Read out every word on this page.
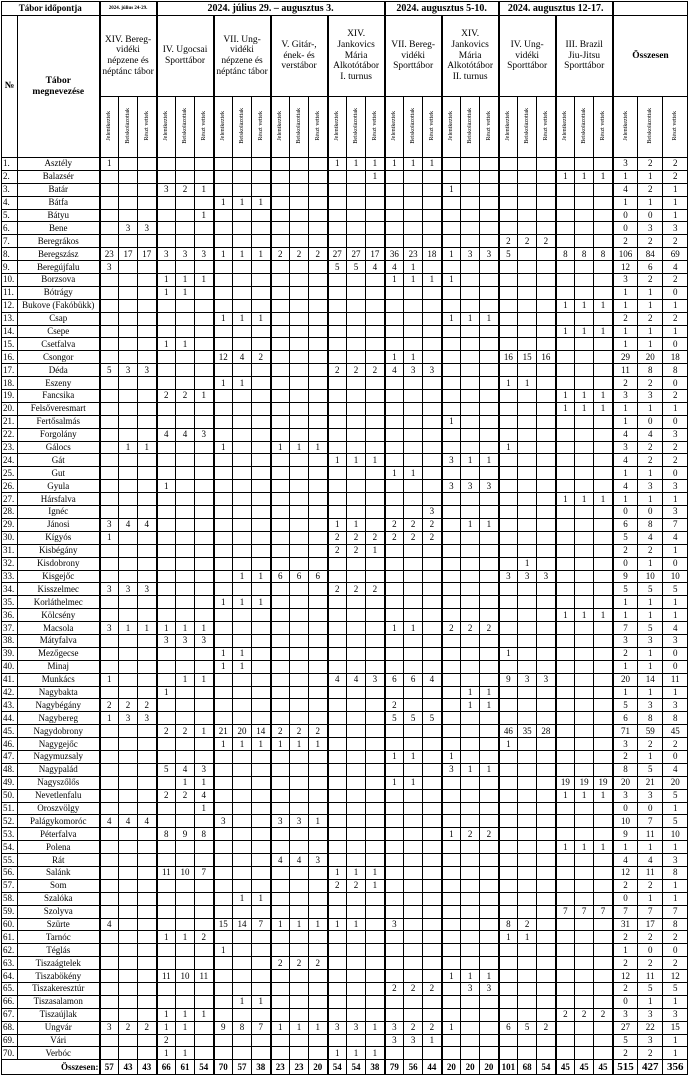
Tábor időpontja		2024. július 24-29.			2024. július 29. – augusztus 3.												2024. augusztus 5-10.						2024. augusztus 12-17.								
№	Tábor megnevezése	XIV. Bereg-vidéki népzene és néptánc tábor			IV. Ugocsai Sporttábor			VII. Ung-vidéki népzene és néptánc tábor			V. Gitár-, ének- és verstábor			XIV. Jankovics Mária Alkotótábor I. turnus			VII. Bereg-vidéki Sporttábor			XIV. Jankovics Mária Alkotótábor II. turnus			IV. Ung-vidéki Sporttábor			III. Brazil Jiu-Jitsu Sporttábor			Összesen		
		Jelentkeztek	Beiskolázottak	Részt vettek	Jelentkeztek	Beiskolázottak	Részt vettek	Jelentkeztek	Beiskolázottak	Részt vettek	Jelentkeztek	Beiskolázottak	Részt vettek	Jelentkeztek	Beiskolázottak	Részt vettek	Jelentkeztek	Beiskolázottak	Részt vettek	Jelentkeztek	Beiskolázottak	Részt vettek	Jelentkeztek	Beiskolázottak	Részt vettek	Jelentkeztek	Beiskolázottak	Részt vettek	Jelentkeztek	Beiskolázottak	Részt vettek
1.	Asztély	1												1	1	1	1	1	1										3	2	2
2.	Balazsér															1										1	1	1	1	1	2
3.	Batár				3	2	1													1									4	2	1
4.	Bátfa							1	1	1																			1	1	1
5.	Bátyu						1																						0	0	1
6.	Bene		3	3																									0	3	3
7.	Beregrákos																						2	2	2				2	2	2
8.	Beregszász	23	17	17	3	3	3	1	1	1	2	2	2	27	27	17	36	23	18	1	3	3	5			8	8	8	106	84	69
9.	Beregújfalu	3												5	5	4	4	1											12	6	4
10.	Borzsova				1	1	1										1	1	1	1									3	2	2
11.	Bótrágy				1	1																							1	1	0
12.	Bukove (Fakóbükk)																									1	1	1	1	1	1
13.	Csap							1	1	1										1	1	1							2	2	2
14.	Csepe																									1	1	1	1	1	1
15.	Csetfalva				1	1																							1	1	0
16.	Csongor							12	4	2							1	1					16	15	16				29	20	18
17.	Déda	5	3	3										2	2	2	4	3	3										11	8	8
18.	Eszeny							1	1														1	1					2	2	0
19.	Fancsika				2	2	1																			1	1	1	3	3	2
20.	Felsőveresmart																									1	1	1	1	1	1
21.	Fertősalmás																			1									1	0	0
22.	Forgolány				4	4	3																						4	4	3
23.	Gálocs		1	1				1			1	1	1										1						3	2	2
24.	Gát													1	1	1				3	1	1							4	2	2
25.	Gut																1	1											1	1	0
26.	Gyula				1															3	3	3							4	3	3
27.	Hársfalva																									1	1	1	1	1	1
28.	Ignéc																		3										0	0	3
29.	Jánosi	3	4	4										1	1		2	2	2		1	1							6	8	7
30.	Kígyós	1												2	2	2	2	2	2										5	4	4
31.	Kisbégány													2	2	1													2	2	1
32.	Kisdobrony																							1					0	1	0
33.	Kisgejőc								1	1	6	6	6										3	3	3				9	10	10
34.	Kisszelmec	3	3	3										2	2	2													5	5	5
35.	Korláthelmec							1	1	1																			1	1	1
36.	Kölcsény																									1	1	1	1	1	1
37.	Macsola	3	1	1	1	1	1										1	1		2	2	2							7	5	4
38.	Mátyfalva				3	3	3																						3	3	3
39.	Mezőgecse							1	1														1						2	1	0
40.	Minaj							1	1																				1	1	0
41.	Munkács	1				1	1							4	4	3	6	6	4				9	3	3				20	14	11
42.	Nagybakta				1																1	1							1	1	1
43.	Nagybégány	2	2	2													2				1	1							5	3	3
44.	Nagybereg	1	3	3													5	5	5										6	8	8
45.	Nagydobrony				2	2	1	21	20	14	2	2	2										46	35	28				71	59	45
46.	Nagygejőc							1	1	1	1	1	1										1						3	2	2
47.	Nagymuzsaly																1	1		1									2	1	0
48.	Nagypalád				5	4	3													3	1	1							8	5	4
49.	Nagyszőlős					1	1										1	1								19	19	19	20	21	20
50.	Nevetlenfalu				2	2	4																			1	1	1	3	3	5
51.	Oroszvölgy						1																						0	0	1
52.	Palágykomoróc	4	4	4				3			3	3	1																10	7	5
53.	Péterfalva				8	9	8													1	2	2							9	11	10
54.	Polena																									1	1	1	1	1	1
55.	Rát										4	4	3																4	4	3
56.	Salánk				11	10	7							1	1	1													12	11	8
57.	Som													2	2	1													2	2	1
58.	Szalóka								1	1																			0	1	1
59.	Szolyva																									7	7	7	7	7	7
60.	Szürte	4						15	14	7	1	1	1	1	1		3						8	2					31	17	8
61.	Tarnóc				1	1	2																1	1					2	2	2
62.	Téglás							1																					1	0	0
63.	Tiszaágtelek										2	2	2																2	2	2
64.	Tiszabökény				11	10	11													1	1	1							12	11	12
65.	Tiszakeresztúr																2	2	2		3	3							2	5	5
66.	Tiszasalamon								1	1																			0	1	1
67.	Tiszaújlak				1	1	1																			2	2	2	3	3	3
68.	Ungvár	3	2	2	1	1		9	8	7	1	1	1	3	3	1	3	2	2	1			6	5	2				27	22	15
69.	Vári				2												3	3	1										5	3	1
70.	Verbóc				1	1								1	1	1													2	2	1
Összesen:		57	43	43	66	61	54	70	57	38	23	23	20	54	54	38	79	56	44	20	20	20	101	68	54	45	45	45	515	427	356
